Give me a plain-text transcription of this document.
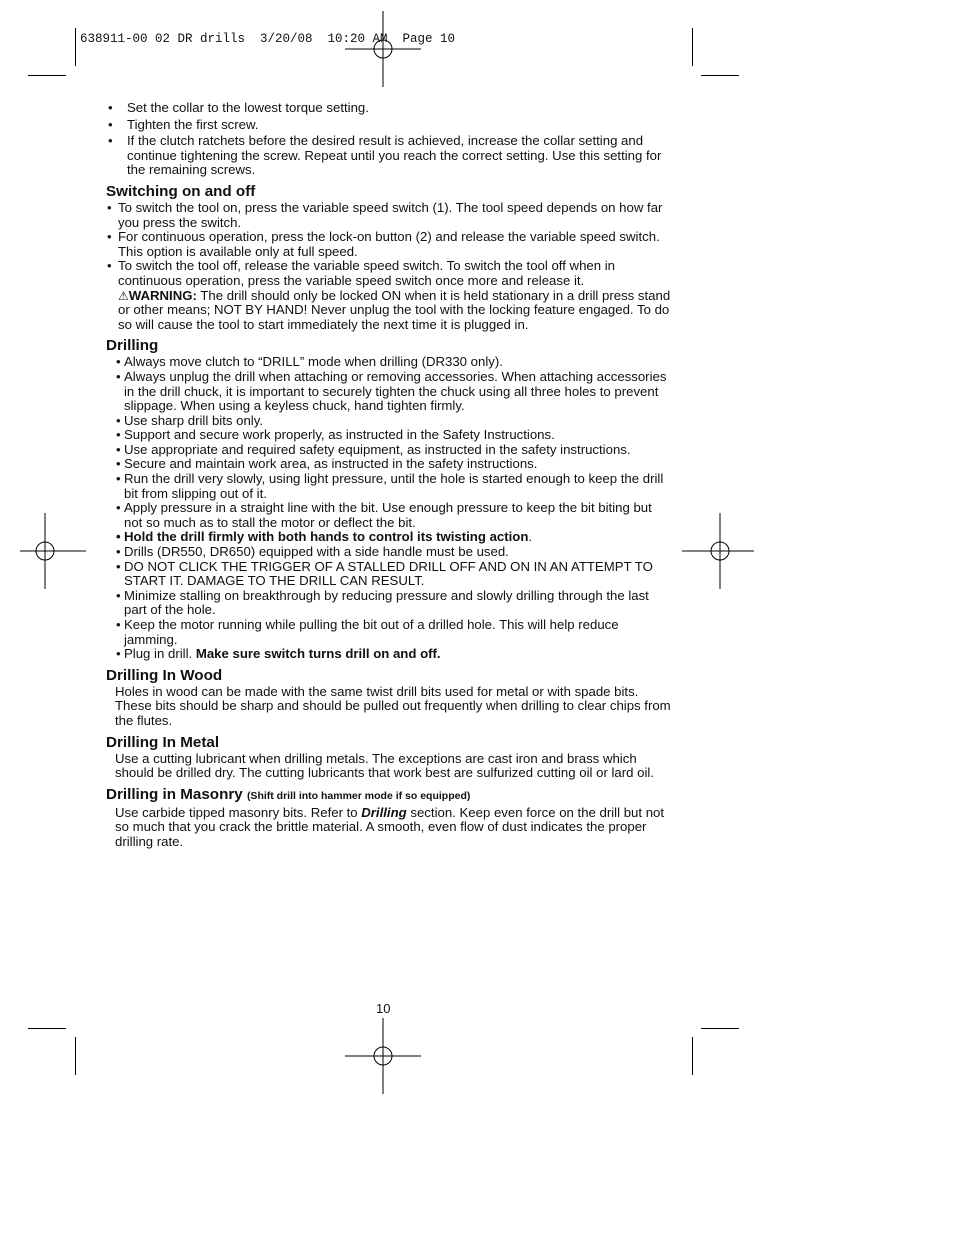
638911-00 02 DR drills  3/20/08  10:20 AM  Page 10
• Set the collar to the lowest torque setting.
• Tighten the first screw.
• If the clutch ratchets before the desired result is achieved, increase the collar setting and continue tightening the screw. Repeat until you reach the correct setting. Use this setting for the remaining screws.
Switching on and off
• To switch the tool on, press the variable speed switch (1). The tool speed depends on how far you press the switch.
• For continuous operation, press the lock-on button (2) and release the variable speed switch. This option is available only at full speed.
• To switch the tool off, release the variable speed switch. To switch the tool off when in continuous operation, press the variable speed switch once more and release it.
⚠WARNING: The drill should only be locked ON when it is held stationary in a drill press stand or other means; NOT BY HAND! Never unplug the tool with the locking feature engaged. To do so will cause the tool to start immediately the next time it is plugged in.
Drilling
• Always move clutch to “DRILL” mode when drilling (DR330 only).
• Always unplug the drill when attaching or removing accessories. When attaching accessories in the drill chuck, it is important to securely tighten the chuck using all three holes to prevent slippage. When using a keyless chuck, hand tighten firmly.
• Use sharp drill bits only.
• Support and secure work properly, as instructed in the Safety Instructions.
• Use appropriate and required safety equipment, as instructed in the safety instructions.
• Secure and maintain work area, as instructed in the safety instructions.
• Run the drill very slowly, using light pressure, until the hole is started enough to keep the drill bit from slipping out of it.
• Apply pressure in a straight line with the bit. Use enough pressure to keep the bit biting but not so much as to stall the motor or deflect the bit.
• Hold the drill firmly with both hands to control its twisting action.
• Drills (DR550, DR650) equipped with a side handle must be used.
• DO NOT CLICK THE TRIGGER OF A STALLED DRILL OFF AND ON IN AN ATTEMPT TO START IT. DAMAGE TO THE DRILL CAN RESULT.
• Minimize stalling on breakthrough by reducing pressure and slowly drilling through the last part of the hole.
• Keep the motor running while pulling the bit out of a drilled hole. This will help reduce jamming.
• Plug in drill. Make sure switch turns drill on and off.
Drilling In Wood
Holes in wood can be made with the same twist drill bits used for metal or with spade bits. These bits should be sharp and should be pulled out frequently when drilling to clear chips from the flutes.
Drilling In Metal
Use a cutting lubricant when drilling metals. The exceptions are cast iron and brass which should be drilled dry. The cutting lubricants that work best are sulfurized cutting oil or lard oil.
Drilling in Masonry (Shift drill into hammer mode if so equipped)
Use carbide tipped masonry bits. Refer to Drilling section. Keep even force on the drill but not so much that you crack the brittle material. A smooth, even flow of dust indicates the proper drilling rate.
10
